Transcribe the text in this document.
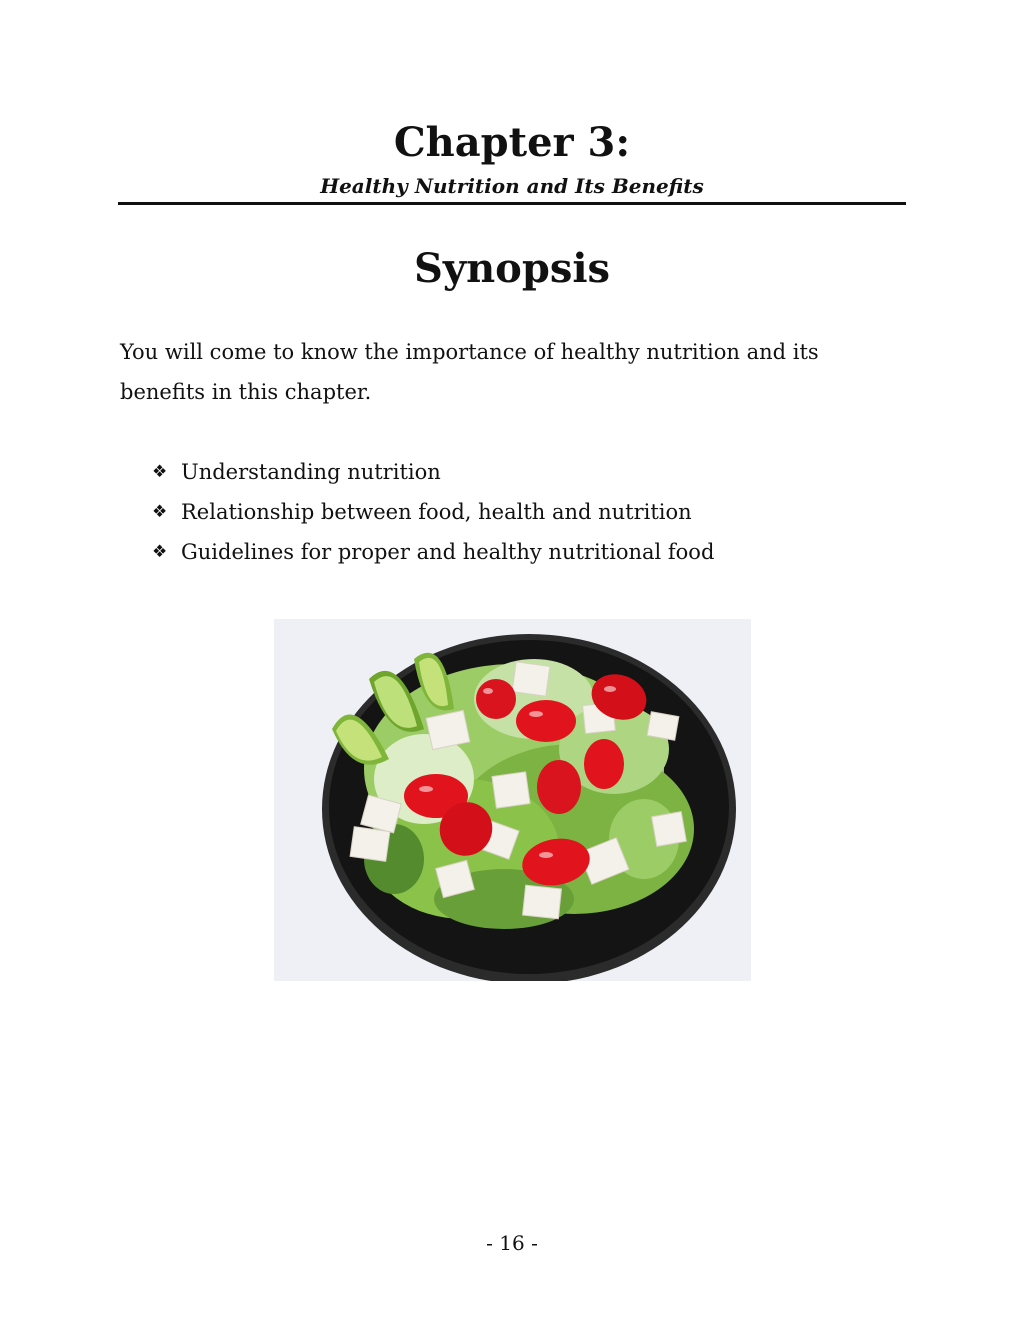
Chapter 3:
Healthy Nutrition and Its Benefits
Synopsis
You will come to know the importance of healthy nutrition and its benefits in this chapter.
❖ Understanding nutrition
❖ Relationship between food, health and nutrition
❖ Guidelines for proper and healthy nutritional food
- 16 -
